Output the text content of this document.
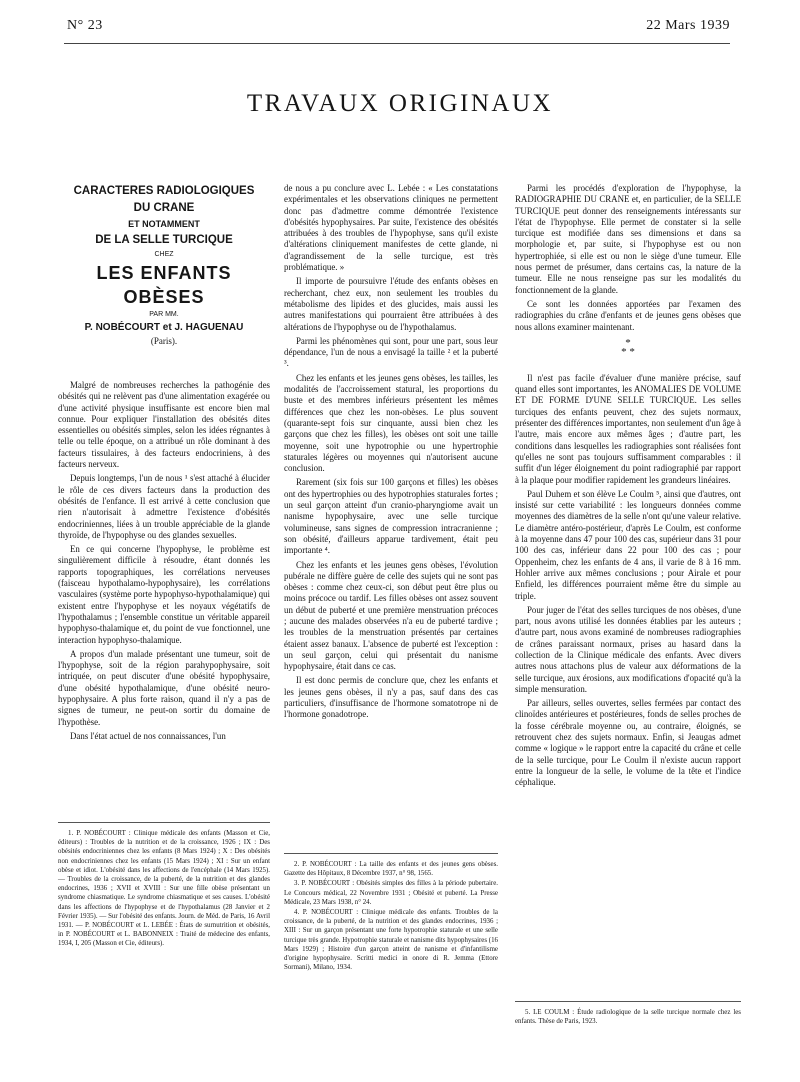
N° 23	22 Mars 1939
TRAVAUX ORIGINAUX
CARACTERES RADIOLOGIQUES
DU CRANE
ET NOTAMMENT
DE LA SELLE TURCIQUE
CHEZ
LES ENFANTS OBÈSES
PAR MM.
P. NOBÉCOURT et J. HAGUENAU
(Paris).

Malgré de nombreuses recherches la pathogénie des obésités qui ne relèvent pas d'une alimentation exagérée ou d'une activité physique insuffisante est encore bien mal connue. Pour expliquer l'installation des obésités dites essentielles ou obésités simples, selon les idées régnantes à telle ou telle époque, on a attribué un rôle dominant à des facteurs tissulaires, à des facteurs endocriniens, à des facteurs nerveux.

Depuis longtemps, l'un de nous ¹ s'est attaché à élucider le rôle de ces divers facteurs dans la production des obésités de l'enfance. Il est arrivé à cette conclusion que rien n'autorisait à admettre l'existence d'obésités endocriniennes, liées à un trouble appréciable de la glande thyroïde, de l'hypophyse ou des glandes sexuelles.

En ce qui concerne l'hypophyse, le problème est singulièrement difficile à résoudre, étant donnés les rapports topographiques, les corrélations nerveuses (faisceau hypothalamo-hypophysaire), les corrélations vasculaires (système porte hypophyso-hypothalamique) qui existent entre l'hypophyse et les noyaux végétatifs de l'hypothalamus ; l'ensemble constitue un véritable appareil hypophyso-thalamique et, du point de vue fonctionnel, une interaction hypophyso-thalamique.

A propos d'un malade présentant une tumeur, soit de l'hypophyse, soit de la région parahypophysaire, soit intriquée, on peut discuter d'une obésité hypophysaire, d'une obésité hypothalamique, d'une obésité neuro-hypophysaire. A plus forte raison, quand il n'y a pas de signes de tumeur, ne peut-on sortir du domaine de l'hypothèse.

Dans l'état actuel de nos connaissances, l'un

de nous a pu conclure avec L. Lebée : « Les constatations expérimentales et les observations cliniques ne permettent donc pas d'admettre comme démontrée l'existence d'obésités hypophysaires. Par suite, l'existence des obésités attribuées à des troubles de l'hypophyse, sans qu'il existe d'altérations cliniquement manifestes de cette glande, ni d'agrandissement de la selle turcique, est très problématique. »

Il importe de poursuivre l'étude des enfants obèses en recherchant, chez eux, non seulement les troubles du métabolisme des lipides et des glucides, mais aussi les autres manifestations qui pourraient être attribuées à des altérations de l'hypophyse ou de l'hypothalamus.

Parmi les phénomènes qui sont, pour une part, sous leur dépendance, l'un de nous a envisagé la taille ² et la puberté ³.

Chez les enfants et les jeunes gens obèses, les tailles, les modalités de l'accroissement statural, les proportions du buste et des membres inférieurs présentent les mêmes différences que chez les non-obèses. Le plus souvent (quarante-sept fois sur cinquante, aussi bien chez les garçons que chez les filles), les obèses ont soit une taille moyenne, soit une hypotrophie ou une hypertrophie staturales légères ou moyennes qui n'autorisent aucune conclusion.

Rarement (six fois sur 100 garçons et filles) les obèses ont des hypertrophies ou des hypotrophies staturales fortes ; un seul garçon atteint d'un cranio-pharyngiome avait un nanisme hypophysaire, avec une selle turcique volumineuse, sans signes de compression intracranienne ; son obésité, d'ailleurs apparue tardivement, était peu importante ⁴.

Chez les enfants et les jeunes gens obèses, l'évolution pubérale ne diffère guère de celle des sujets qui ne sont pas obèses : comme chez ceux-ci, son début peut être plus ou moins précoce ou tardif. Les filles obèses ont assez souvent un début de puberté et une première menstruation précoces ; aucune des malades observées n'a eu de puberté tardive ; les troubles de la menstruation présentés par certaines étaient assez banaux. L'absence de puberté est l'exception : un seul garçon, celui qui présentait du nanisme hypophysaire, était dans ce cas.

Il est donc permis de conclure que, chez les enfants et les jeunes gens obèses, il n'y a pas, sauf dans des cas particuliers, d'insuffisance de l'hormone somatotrope ni de l'hormone gonadotrope.

Parmi les procédés d'exploration de l'hypophyse, la RADIOGRAPHIE DU CRANE et, en particulier, de la SELLE TURCIQUE peut donner des renseignements intéressants sur l'état de l'hypophyse. Elle permet de constater si la selle turcique est modifiée dans ses dimensions et dans sa morphologie et, par suite, si l'hypophyse est ou non hypertrophiée, si elle est ou non le siège d'une tumeur. Elle nous permet de présumer, dans certains cas, la nature de la tumeur. Elle ne nous renseigne pas sur les modalités du fonctionnement de la glande.

Ce sont les données apportées par l'examen des radiographies du crâne d'enfants et de jeunes gens obèses que nous allons examiner maintenant.

*
* *

Il n'est pas facile d'évaluer d'une manière précise, sauf quand elles sont importantes, les ANOMALIES DE VOLUME ET DE FORME D'UNE SELLE TURCIQUE. Les selles turciques des enfants peuvent, chez des sujets normaux, présenter des différences importantes, non seulement d'un âge à l'autre, mais encore aux mêmes âges ; d'autre part, les conditions dans lesquelles les radiographies sont réalisées font qu'elles ne sont pas toujours suffisamment comparables : il suffit d'un léger éloignement du point radiographié par rapport à la plaque pour modifier rapidement les grandeurs linéaires.

Paul Duhem et son élève Le Coulm ⁵, ainsi que d'autres, ont insisté sur cette variabilité : les longueurs données comme moyennes des diamètres de la selle n'ont qu'une valeur relative. Le diamètre antéro-postérieur, d'après Le Coulm, est conforme à la moyenne dans 47 pour 100 des cas, supérieur dans 31 pour 100 des cas, inférieur dans 22 pour 100 des cas ; pour Oppenheim, chez les enfants de 4 ans, il varie de 8 à 16 mm. Hohler arrive aux mêmes conclusions ; pour Airale et pour Enfield, les différences pourraient même être du simple au triple.

Pour juger de l'état des selles turciques de nos obèses, d'une part, nous avons utilisé les données établies par les auteurs ; d'autre part, nous avons examiné de nombreuses radiographies de crânes paraissant normaux, prises au hasard dans la collection de la Clinique médicale des enfants. Avec divers autres nous attachons plus de valeur aux déformations de la selle turcique, aux érosions, aux modifications d'opacité qu'à la simple mensuration.

Par ailleurs, selles ouvertes, selles fermées par contact des clinoïdes antérieures et postérieures, fonds de selles proches de la fosse cérébrale moyenne ou, au contraire, éloignés, se retrouvent chez des sujets normaux. Enfin, si Jeaugas admet comme « logique » le rapport entre la capacité du crâne et celle de la selle turcique, pour Le Coulm il n'existe aucun rapport entre la longueur de la selle, le volume de la tête et l'indice céphalique.

1. P. NOBÉCOURT : Clinique médicale des enfants (Masson et Cie, éditeurs) : Troubles de la nutrition et de la croissance, 1926 ; IX : Des obésités endocriniennes chez les enfants (8 Mars 1924) ; X : Des obésités non endocriniennes chez les enfants (15 Mars 1924) ; XI : Sur un enfant obèse et idiot. L'obésité dans les affections de l'encéphale (14 Mars 1925). — Troubles de la croissance, de la puberté, de la nutrition et des glandes endocrines, 1936 ; XVII et XVIII : Sur une fille obèse présentant un syndrome chiasmatique. Le syndrome chiasmatique et ses causes. L'obésité dans les affections de l'hypophyse et de l'hypothalamus (28 Janvier et 2 Février 1935). — Sur l'obésité des enfants. Journ. de Méd. de Paris, 16 Avril 1931. — P. NOBÉCOURT et L. LEBÉE : États de surnutrition et obésités, in P. NOBÉCOURT et L. BABONNEIX : Traité de médecine des enfants, 1934, I, 205 (Masson et Cie, éditeurs).

2. P. NOBÉCOURT : La taille des enfants et des jeunes gens obèses. Gazette des Hôpitaux, 8 Décembre 1937, n° 98, 1565.

3. P. NOBÉCOURT : Obésités simples des filles à la période pubertaire. Le Concours médical, 22 Novembre 1931 ; Obésité et puberté. La Presse Médicale, 23 Mars 1938, n° 24.

4. P. NOBÉCOURT : Clinique médicale des enfants. Troubles de la croissance, de la puberté, de la nutrition et des glandes endocrines, 1936 ; XIII : Sur un garçon présentant une forte hypotrophie staturale et une selle turcique très grande. Hypotrophie staturale et nanisme dits hypophysaires (16 Mars 1929) ; Histoire d'un garçon atteint de nanisme et d'infantilisme d'origine hypophysaire. Scritti medici in onore di R. Jemma (Ettore Sormani), Milano, 1934.

5. LE COULM : Étude radiologique de la selle turcique normale chez les enfants. Thèse de Paris, 1923.
